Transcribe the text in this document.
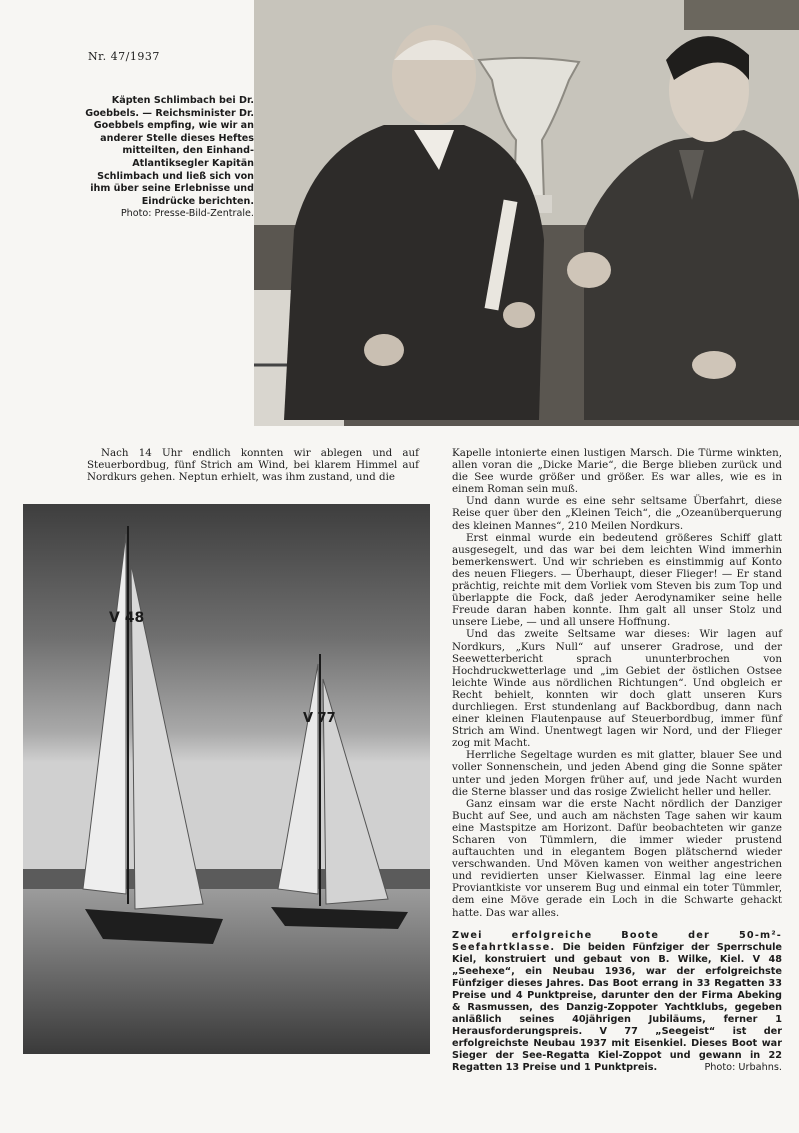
Nr. 47/1937
Käpten Schlimbach bei Dr. Goebbels. — Reichsminister Dr. Goebbels empfing, wie wir an anderer Stelle dieses Heftes mitteilten, den Einhand-Atlantiksegler Kapitän Schlimbach und ließ sich von ihm über seine Erlebnisse und Eindrücke berichten.
Photo: Presse-Bild-Zentrale.

Nach 14 Uhr endlich konnten wir ablegen und auf Steuerbordbug, fünf Strich am Wind, bei klarem Himmel auf Nordkurs gehen. Neptun erhielt, was ihm zustand, und die

V 48
V 77

Kapelle intonierte einen lustigen Marsch. Die Türme winkten, allen voran die „Dicke Marie“, die Berge blieben zurück und die See wurde größer und größer. Es war alles, wie es in einem Roman sein muß.

Und dann wurde es eine sehr seltsame Überfahrt, diese Reise quer über den „Kleinen Teich“, die „Ozeanüberquerung des kleinen Mannes“, 210 Meilen Nordkurs.

Erst einmal wurde ein bedeutend größeres Schiff glatt ausgesegelt, und das war bei dem leichten Wind immerhin bemerkenswert. Und wir schrieben es einstimmig auf Konto des neuen Fliegers. — Überhaupt, dieser Flieger! — Er stand prächtig, reichte mit dem Vorliek vom Steven bis zum Top und überlappte die Fock, daß jeder Aerodynamiker seine helle Freude daran haben konnte. Ihm galt all unser Stolz und unsere Liebe, — und all unsere Hoffnung.

Und das zweite Seltsame war dieses: Wir lagen auf Nordkurs, „Kurs Null“ auf unserer Gradrose, und der Seewetterbericht sprach ununterbrochen von Hochdruckwetterlage und „im Gebiet der östlichen Ostsee leichte Winde aus nördlichen Richtungen“. Und obgleich er Recht behielt, konnten wir doch glatt unseren Kurs durchliegen. Erst stundenlang auf Backbordbug, dann nach einer kleinen Flautenpause auf Steuerbordbug, immer fünf Strich am Wind. Unentwegt lagen wir Nord, und der Flieger zog mit Macht.

Herrliche Segeltage wurden es mit glatter, blauer See und voller Sonnenschein, und jeden Abend ging die Sonne später unter und jeden Morgen früher auf, und jede Nacht wurden die Sterne blasser und das rosige Zwielicht heller und heller.

Ganz einsam war die erste Nacht nördlich der Danziger Bucht auf See, und auch am nächsten Tage sahen wir kaum eine Mastspitze am Horizont. Dafür beobachteten wir ganze Scharen von Tümmlern, die immer wieder prustend auftauchten und in elegantem Bogen plätschernd wieder verschwanden. Und Möven kamen von weither angestrichen und revidierten unser Kielwasser. Einmal lag eine leere Proviantkiste vor unserem Bug und einmal ein toter Tümmler, dem eine Möve gerade ein Loch in die Schwarte gehackt hatte. Das war alles.

Zwei erfolgreiche Boote der 50-m²-Seefahrtklasse. Die beiden Fünfziger der Sperrschule Kiel, konstruiert und gebaut von B. Wilke, Kiel. V 48 „Seehexe“, ein Neubau 1936, war der erfolgreichste Fünfziger dieses Jahres. Das Boot errang in 33 Regatten 33 Preise und 4 Punktpreise, darunter den der Firma Abeking & Rasmussen, des Danzig-Zoppoter Yachtklubs, gegeben anläßlich seines 40jährigen Jubiläums, ferner 1 Herausforderungspreis. V 77 „Seegeist“ ist der erfolgreichste Neubau 1937 mit Eisenkiel. Dieses Boot war Sieger der See-Regatta Kiel-Zoppot und gewann in 22 Regatten 13 Preise und 1 Punktpreis.	Photo: Urbahns.
